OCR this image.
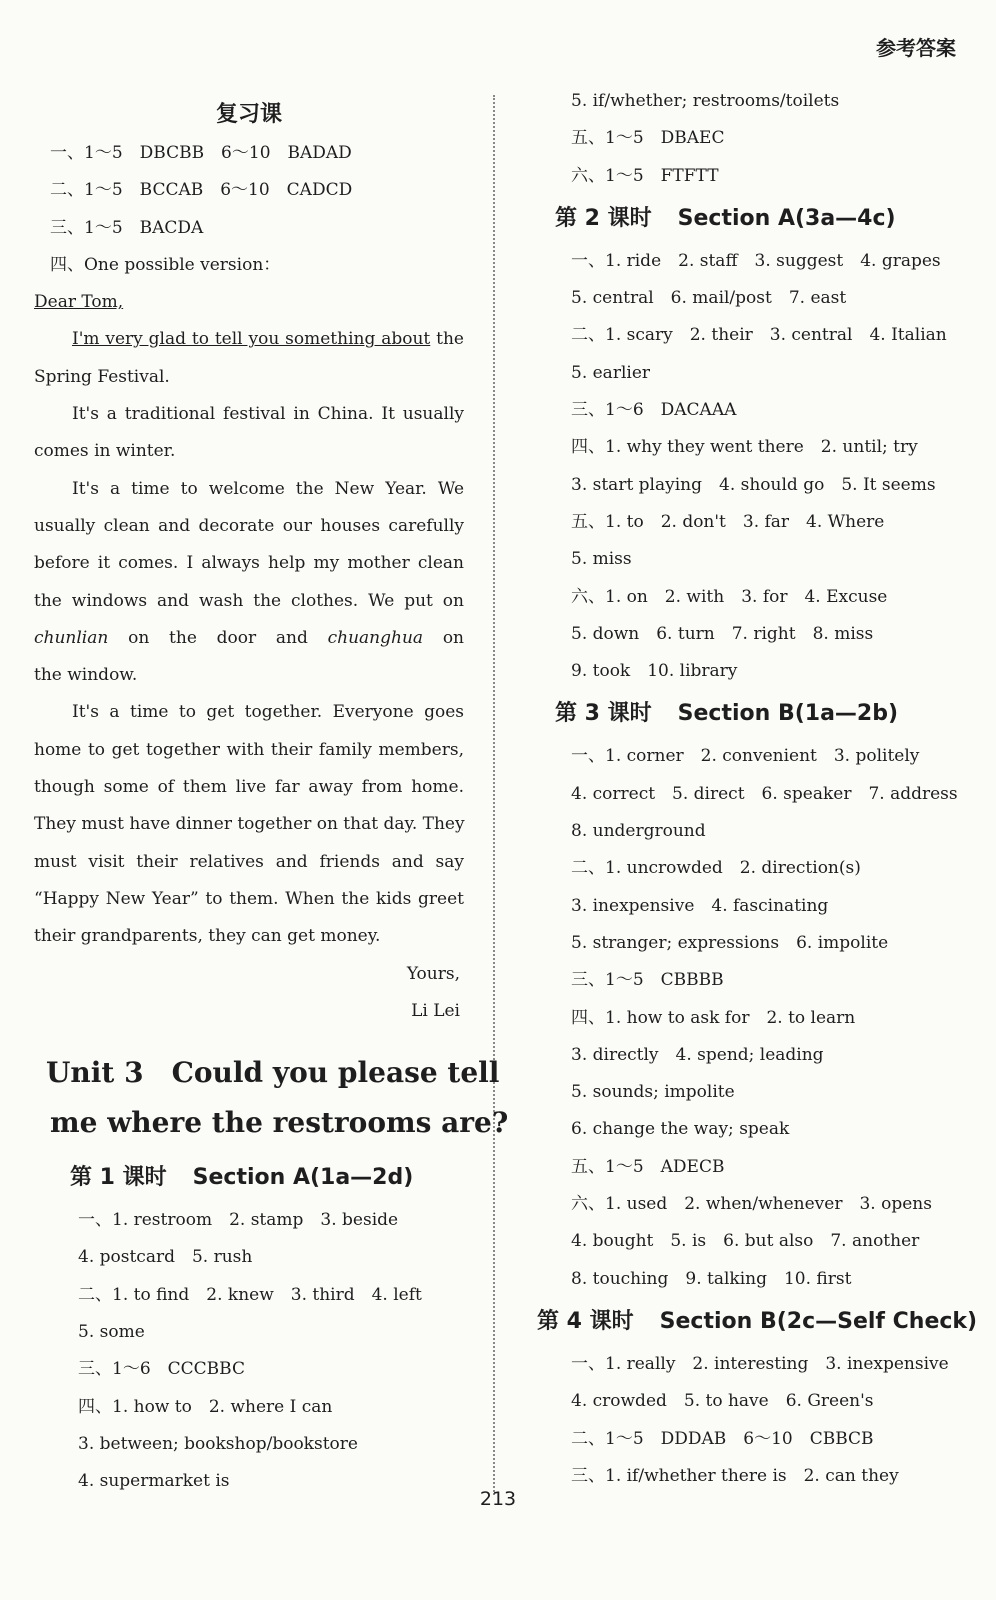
参考答案
复习课
一、1～5　DBCBB　6～10　BADAD
二、1～5　BCCAB　6～10　CADCD
三、1～5　BACDA
四、One possible version：
Dear Tom,
I'm very glad to tell you something about the
Spring Festival.
It's a traditional festival in China. It usually
comes in winter.
It's a time to welcome the New Year. We
usually clean and decorate our houses carefully
before it comes. I always help my mother clean
the windows and wash the clothes. We put on
chunlian on the door and chuanghua on
the window.
It's a time to get together. Everyone goes
home to get together with their family members,
though some of them live far away from home.
They must have dinner together on that day. They
must visit their relatives and friends and say
“Happy New Year” to them. When the kids greet
their grandparents, they can get money.
Yours,
Li Lei
Unit 3　Could you please tell
me where the restrooms are?
第 1 课时 Section A(1a—2d)
一、1. restroom　2. stamp　3. beside
4. postcard　5. rush
二、1. to find　2. knew　3. third　4. left
5. some
三、1～6　CCCBBC
四、1. how to　2. where I can
3. between; bookshop/bookstore
4. supermarket is
5. if/whether; restrooms/toilets
五、1～5　DBAEC
六、1～5　FTFTT
第 2 课时 Section A(3a—4c)
一、1. ride　2. staff　3. suggest　4. grapes
5. central　6. mail/post　7. east
二、1. scary　2. their　3. central　4. Italian
5. earlier
三、1～6　DACAAA
四、1. why they went there　2. until; try
3. start playing　4. should go　5. It seems
五、1. to　2. don't　3. far　4. Where
5. miss
六、1. on　2. with　3. for　4. Excuse
5. down　6. turn　7. right　8. miss
9. took　10. library
第 3 课时 Section B(1a—2b)
一、1. corner　2. convenient　3. politely
4. correct　5. direct　6. speaker　7. address
8. underground
二、1. uncrowded　2. direction(s)
3. inexpensive　4. fascinating
5. stranger; expressions　6. impolite
三、1～5　CBBBB
四、1. how to ask for　2. to learn
3. directly　4. spend; leading
5. sounds; impolite
6. change the way; speak
五、1～5　ADECB
六、1. used　2. when/whenever　3. opens
4. bought　5. is　6. but also　7. another
8. touching　9. talking　10. first
第 4 课时 Section B(2c—Self Check)
一、1. really　2. interesting　3. inexpensive
4. crowded　5. to have　6. Green's
二、1～5　DDDAB　6～10　CBBCB
三、1. if/whether there is　2. can they
213
